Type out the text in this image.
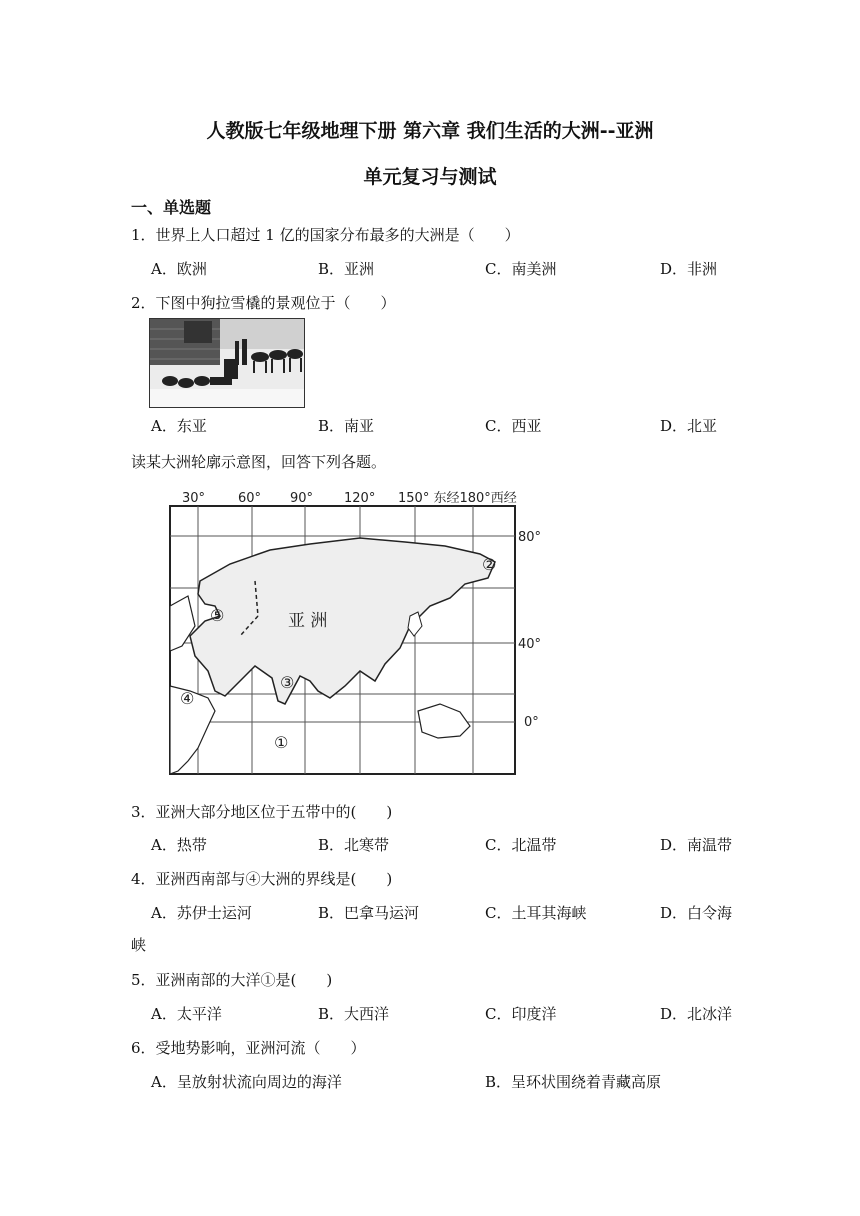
人教版七年级地理下册 第六章 我们生活的大洲--亚洲
单元复习与测试
一、单选题
1．世界上人口超过 1 亿的国家分布最多的大洲是（　　）
A．欧洲	B．亚洲	C．南美洲	D．非洲
2．下图中狗拉雪橇的景观位于（　　）
A．东亚	B．南亚	C．西亚	D．北亚
读某大洲轮廓示意图，回答下列各题。
30°	60° 90° 120° 150° 东经180°西经
80°
40°
0°
亚 洲
①
②
③
④
⑤
3．亚洲大部分地区位于五带中的(　　)
A．热带	B．北寒带	C．北温带	D．南温带
4．亚洲西南部与④大洲的界线是(　　)
A．苏伊士运河	B．巴拿马运河	C．土耳其海峡	D．白令海
峡
5．亚洲南部的大洋①是(　　)
A．太平洋	B．大西洋	C．印度洋	D．北冰洋
6．受地势影响，亚洲河流（　　）
A．呈放射状流向周边的海洋	B．呈环状围绕着青藏高原
